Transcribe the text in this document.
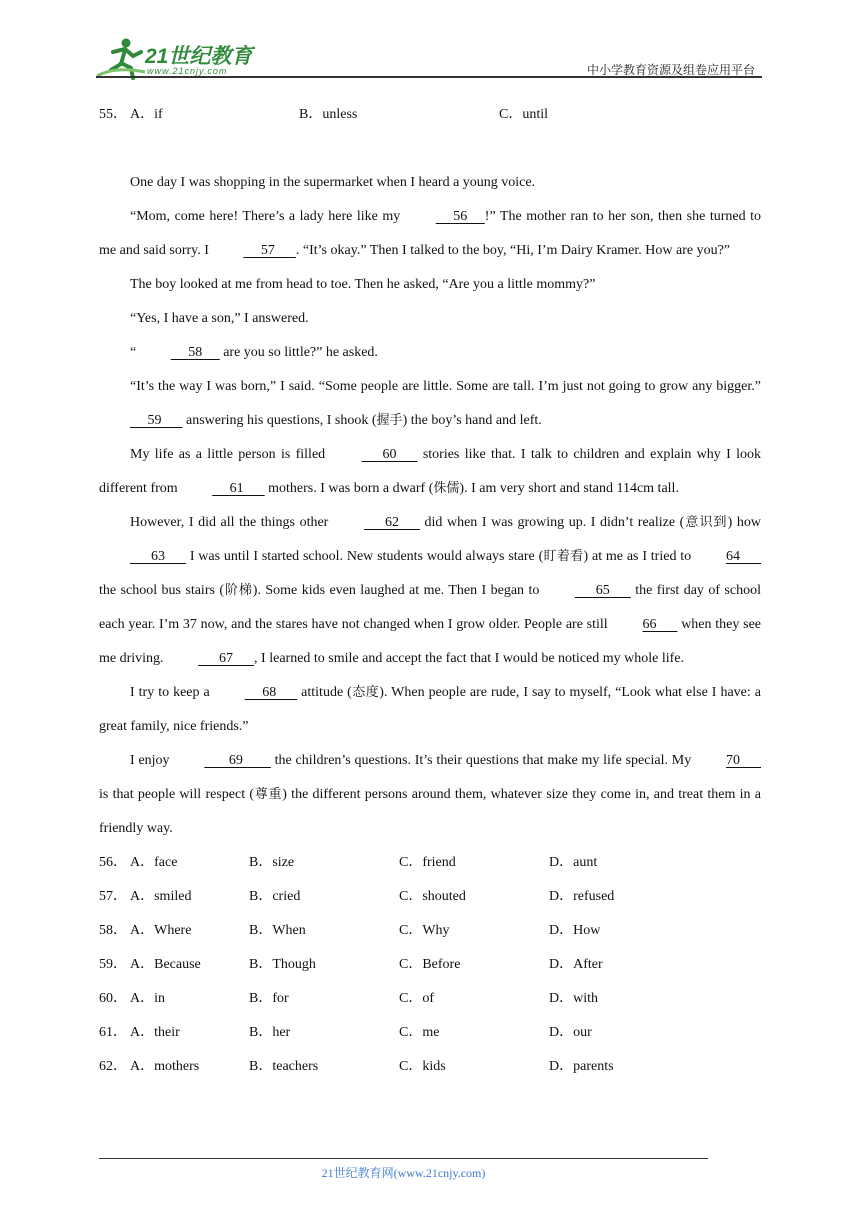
21世纪教育
www.21cnjy.com	中小学教育资源及组卷应用平台
55． A．if	B．unless	C．until

One day I was shopping in the supermarket when I heard a young voice.

“Mom, come here! There’s a lady here like my      56     !” The mother ran to her son, then she turned to me and said sorry. I      57      . “It’s okay.” Then I talked to the boy, “Hi, I’m Dairy Kramer. How are you?”

The boy looked at me from head to toe. Then he asked, “Are you a little mommy?”

“Yes, I have a son,” I answered.

“      58      are you so little?” he asked.

“It’s the way I was born,” I said. “Some people are little. Some are tall. I’m just not going to grow any bigger.”      59       answering his questions, I shook (握手) the boy’s hand and left.

My life as a little person is filled       60       stories like that. I talk to children and explain why I look different from      61       mothers. I was born a dwarf (侏儒). I am very short and stand 114cm tall.

However, I did all the things other       62       did when I was growing up. I didn’t realize (意识到) how       63       I was until I started school. New students would always stare (盯着看) at me as I tried to 64       the school bus stairs (阶梯). Some kids even laughed at me. Then I began to       65       the first day of school each year. I’m 37 now, and the stares have not changed when I grow older. People are still 66       when they see me driving.       67      , I learned to smile and accept the fact that I would be noticed my whole life.

I try to keep a      68       attitude (态度). When people are rude, I say to myself, “Look what else I have: a great family, nice friends.”

I enjoy        69         the children’s questions. It’s their questions that make my life special. My 70       is that people will respect (尊重) the different persons around them, whatever size they come in, and treat them in a friendly way.

56． A．face	B．size	C．friend	D．aunt
57． A．smiled	B．cried	C．shouted	D．refused
58． A．Where	B．When	C．Why	D．How
59． A．Because	B．Though	C．Before	D．After
60． A．in	B．for	C．of	D．with
61． A．their	B．her	C．me	D．our
62． A．mothers	B．teachers	C．kids	D．parents
21世纪教育网(www.21cnjy.com)
